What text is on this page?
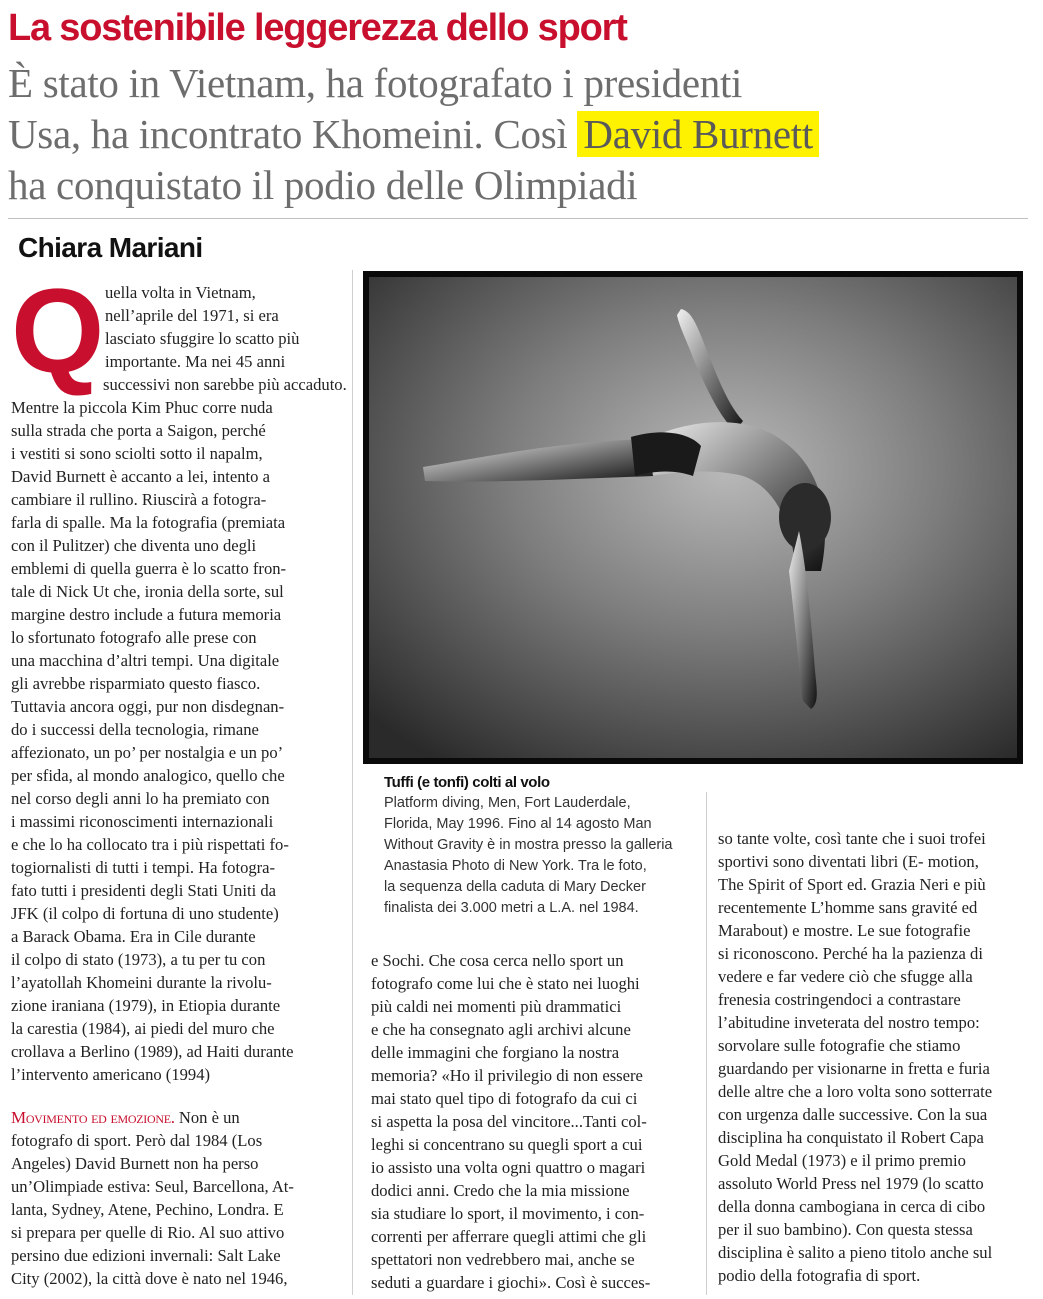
La sostenibile leggerezza dello sport
È stato in Vietnam, ha fotografato i presidenti
Usa, ha incontrato Khomeini. Così David Burnett
ha conquistato il podio delle Olimpiadi
Chiara Mariani
Q uella volta in Vietnam,
nell’aprile del 1971, si era
lasciato sfuggire lo scatto più
importante. Ma nei 45 anni
successivi non sarebbe più accaduto.
Mentre la piccola Kim Phuc corre nuda
sulla strada che porta a Saigon, perché
i vestiti si sono sciolti sotto il napalm,
David Burnett è accanto a lei, intento a
cambiare il rullino. Riuscirà a fotogra-
farla di spalle. Ma la fotografia (premiata
con il Pulitzer) che diventa uno degli
emblemi di quella guerra è lo scatto fron-
tale di Nick Ut che, ironia della sorte, sul
margine destro include a futura memoria
lo sfortunato fotografo alle prese con
una macchina d’altri tempi. Una digitale
gli avrebbe risparmiato questo fiasco.
Tuttavia ancora oggi, pur non disdegnan-
do i successi della tecnologia, rimane
affezionato, un po’ per nostalgia e un po’
per sfida, al mondo analogico, quello che
nel corso degli anni lo ha premiato con
i massimi riconoscimenti internazionali
e che lo ha collocato tra i più rispettati fo-
togiornalisti di tutti i tempi. Ha fotogra-
fato tutti i presidenti degli Stati Uniti da
JFK (il colpo di fortuna di uno studente)
a Barack Obama. Era in Cile durante
il colpo di stato (1973), a tu per tu con
l’ayatollah Khomeini durante la rivolu-
zione iraniana (1979), in Etiopia durante
la carestia (1984), ai piedi del muro che
crollava a Berlino (1989), ad Haiti durante
l’intervento americano (1994)
Movimento ed emozione. Non è un
fotografo di sport. Però dal 1984 (Los
Angeles) David Burnett non ha perso
un’Olimpiade estiva: Seul, Barcellona, At-
lanta, Sydney, Atene, Pechino, Londra. E
si prepara per quelle di Rio. Al suo attivo
persino due edizioni invernali: Salt Lake
City (2002), la città dove è nato nel 1946,
Tuffi (e tonfi) colti al volo
Platform diving, Men, Fort Lauderdale,
Florida, May 1996. Fino al 14 agosto Man
Without Gravity è in mostra presso la galleria
Anastasia Photo di New York. Tra le foto,
la sequenza della caduta di Mary Decker
finalista dei 3.000 metri a L.A. nel 1984.
e Sochi. Che cosa cerca nello sport un
fotografo come lui che è stato nei luoghi
più caldi nei momenti più drammatici
e che ha consegnato agli archivi alcune
delle immagini che forgiano la nostra
memoria? «Ho il privilegio di non essere
mai stato quel tipo di fotografo da cui ci
si aspetta la posa del vincitore...Tanti col-
leghi si concentrano su quegli sport a cui
io assisto una volta ogni quattro o magari
dodici anni. Credo che la mia missione
sia studiare lo sport, il movimento, i con-
correnti per afferrare quegli attimi che gli
spettatori non vedrebbero mai, anche se
seduti a guardare i giochi». Così è succes-
so tante volte, così tante che i suoi trofei
sportivi sono diventati libri (E- motion,
The Spirit of Sport ed. Grazia Neri e più
recentemente L’homme sans gravité ed
Marabout) e mostre. Le sue fotografie
si riconoscono. Perché ha la pazienza di
vedere e far vedere ciò che sfugge alla
frenesia costringendoci a contrastare
l’abitudine inveterata del nostro tempo:
sorvolare sulle fotografie che stiamo
guardando per visionarne in fretta e furia
delle altre che a loro volta sono sotterrate
con urgenza dalle successive. Con la sua
disciplina ha conquistato il Robert Capa
Gold Medal (1973) e il primo premio
assoluto World Press nel 1979 (lo scatto
della donna cambogiana in cerca di cibo
per il suo bambino). Con questa stessa
disciplina è salito a pieno titolo anche sul
podio della fotografia di sport.
